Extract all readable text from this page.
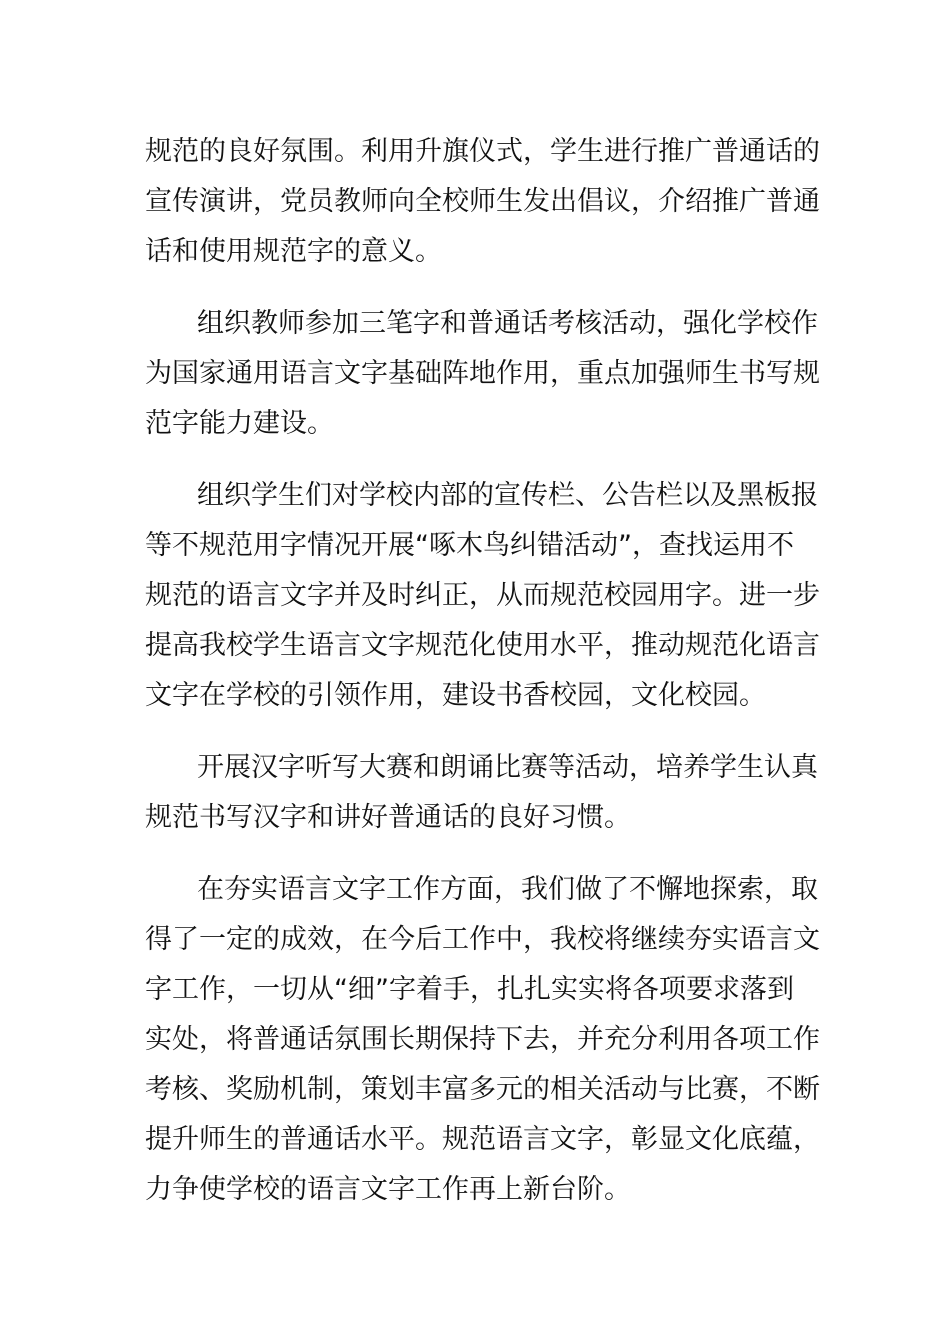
规范的良好氛围。利用升旗仪式，学生进行推广普通话的
宣传演讲，党员教师向全校师生发出倡议，介绍推广普通
话和使用规范字的意义。

组织教师参加三笔字和普通话考核活动，强化学校作
为国家通用语言文字基础阵地作用，重点加强师生书写规
范字能力建设。

组织学生们对学校内部的宣传栏、公告栏以及黑板报
等不规范用字情况开展“啄木鸟纠错活动”，查找运用不
规范的语言文字并及时纠正，从而规范校园用字。进一步
提高我校学生语言文字规范化使用水平，推动规范化语言
文字在学校的引领作用，建设书香校园，文化校园。

开展汉字听写大赛和朗诵比赛等活动，培养学生认真
规范书写汉字和讲好普通话的良好习惯。

在夯实语言文字工作方面，我们做了不懈地探索，取
得了一定的成效，在今后工作中，我校将继续夯实语言文
字工作，一切从“细”字着手，扎扎实实将各项要求落到
实处，将普通话氛围长期保持下去，并充分利用各项工作
考核、奖励机制，策划丰富多元的相关活动与比赛，不断
提升师生的普通话水平。规范语言文字，彰显文化底蕴，
力争使学校的语言文字工作再上新台阶。
